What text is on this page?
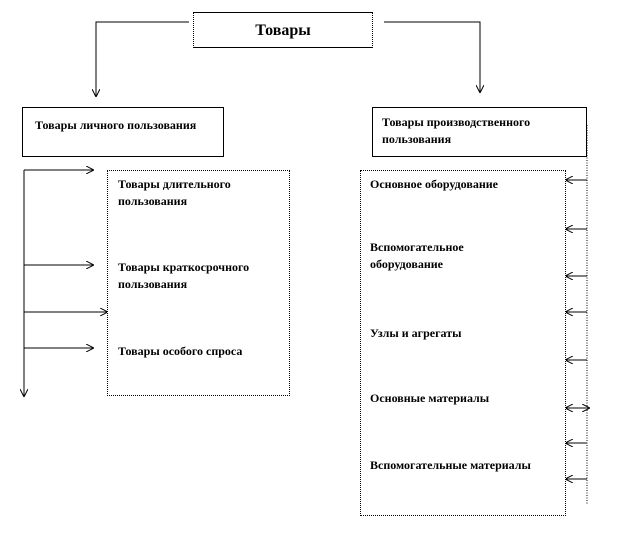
Товары
Товары личного пользования
Товары длительного пользования
Товары краткосрочного пользования
Товары особого спроса
Товары производственного пользования
Основное оборудование
Вспомогательное оборудование
Узлы и агрегаты
Основные материалы
Вспомогательные материалы
